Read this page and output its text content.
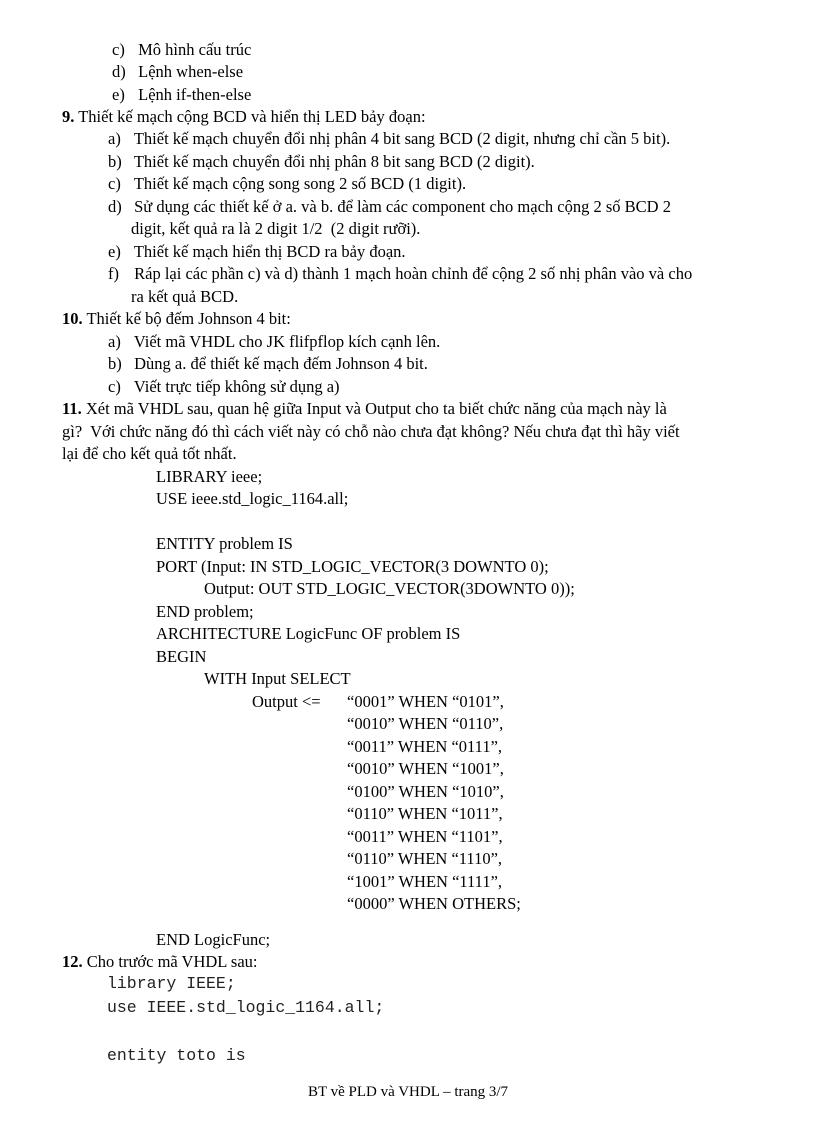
c) Mô hình cấu trúc
d) Lệnh when-else
e) Lệnh if-then-else
9. Thiết kế mạch cộng BCD và hiển thị LED bảy đoạn:
a) Thiết kế mạch chuyển đổi nhị phân 4 bit sang BCD (2 digit, nhưng chỉ cần 5 bit).
b) Thiết kế mạch chuyển đổi nhị phân 8 bit sang BCD (2 digit).
c) Thiết kế mạch cộng song song 2 số BCD (1 digit).
d) Sử dụng các thiết kế ở a. và b. để làm các component cho mạch cộng 2 số BCD 2
digit, kết quả ra là 2 digit 1/2  (2 digit rưỡi).
e) Thiết kế mạch hiển thị BCD ra bảy đoạn.
f) Ráp lại các phần c) và d) thành 1 mạch hoàn chỉnh để cộng 2 số nhị phân vào và cho
ra kết quả BCD.
10. Thiết kế bộ đếm Johnson 4 bit:
a) Viết mã VHDL cho JK flifpflop kích cạnh lên.
b) Dùng a. để thiết kế mạch đếm Johnson 4 bit.
c) Viết trực tiếp không sử dụng a)
11. Xét mã VHDL sau, quan hệ giữa Input và Output cho ta biết chức năng của mạch này là
gì?  Với chức năng đó thì cách viết này có chỗ nào chưa đạt không? Nếu chưa đạt thì hãy viết
lại để cho kết quả tốt nhất.
LIBRARY ieee;
USE ieee.std_logic_1164.all;
ENTITY problem IS
PORT (Input: IN STD_LOGIC_VECTOR(3 DOWNTO 0);
Output: OUT STD_LOGIC_VECTOR(3DOWNTO 0));
END problem;
ARCHITECTURE LogicFunc OF problem IS
BEGIN
WITH Input SELECT
Output <= “0001” WHEN “0101”,
“0010” WHEN “0110”,
“0011” WHEN “0111”,
“0010” WHEN “1001”,
“0100” WHEN “1010”,
“0110” WHEN “1011”,
“0011” WHEN “1101”,
“0110” WHEN “1110”,
“1001” WHEN “1111”,
“0000” WHEN OTHERS;
END LogicFunc;
12. Cho trước mã VHDL sau:
library IEEE;
use IEEE.std_logic_1164.all;
entity toto is
BT về PLD và VHDL – trang 3/7
